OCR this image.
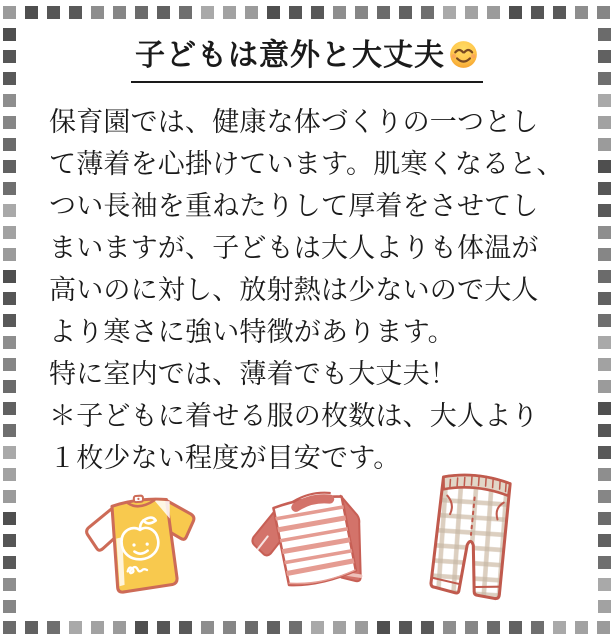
子どもは意外と大丈夫
保育園では、健康な体づくりの一つとし
て薄着を心掛けています。肌寒くなると、
つい長袖を重ねたりして厚着をさせてし
まいますが、子どもは大人よりも体温が
高いのに対し、放射熱は少ないので大人
より寒さに強い特徴があります。
特に室内では、薄着でも大丈夫！
＊子どもに着せる服の枚数は、大人より
１枚少ない程度が目安です。
